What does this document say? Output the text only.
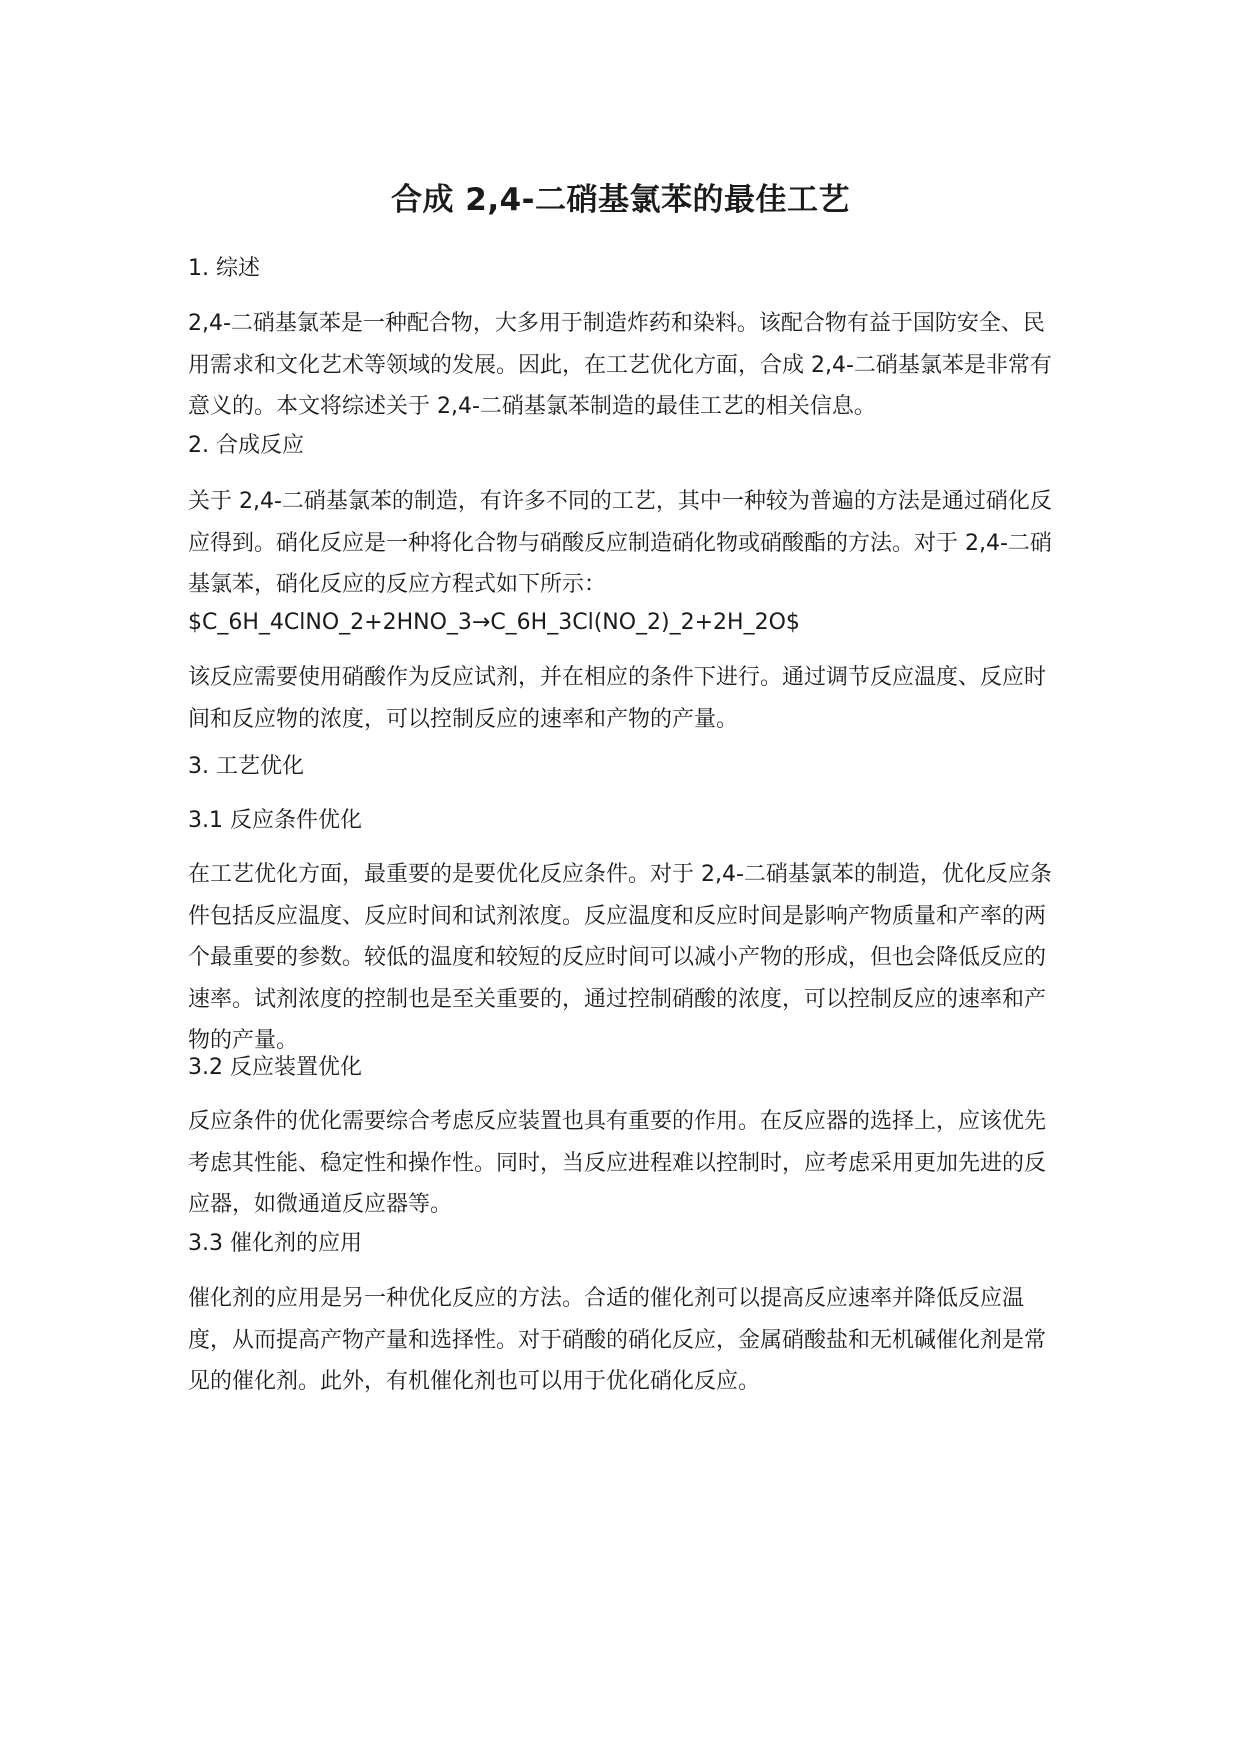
合成 2,4-二硝基氯苯的最佳工艺

1. 综述

2,4-二硝基氯苯是一种配合物，大多用于制造炸药和染料。该配合物有益于国防安全、民用需求和文化艺术等领域的发展。因此，在工艺优化方面，合成 2,4-二硝基氯苯是非常有意义的。本文将综述关于 2,4-二硝基氯苯制造的最佳工艺的相关信息。

2. 合成反应

关于 2,4-二硝基氯苯的制造，有许多不同的工艺，其中一种较为普遍的方法是通过硝化反应得到。硝化反应是一种将化合物与硝酸反应制造硝化物或硝酸酯的方法。对于 2,4-二硝基氯苯，硝化反应的反应方程式如下所示：

$C_6H_4ClNO_2+2HNO_3→C_6H_3Cl(NO_2)_2+2H_2O$

该反应需要使用硝酸作为反应试剂，并在相应的条件下进行。通过调节反应温度、反应时间和反应物的浓度，可以控制反应的速率和产物的产量。

3. 工艺优化

3.1 反应条件优化

在工艺优化方面，最重要的是要优化反应条件。对于 2,4-二硝基氯苯的制造，优化反应条件包括反应温度、反应时间和试剂浓度。反应温度和反应时间是影响产物质量和产率的两个最重要的参数。较低的温度和较短的反应时间可以减小产物的形成，但也会降低反应的速率。试剂浓度的控制也是至关重要的，通过控制硝酸的浓度，可以控制反应的速率和产物的产量。

3.2 反应装置优化

反应条件的优化需要综合考虑反应装置也具有重要的作用。在反应器的选择上，应该优先考虑其性能、稳定性和操作性。同时，当反应进程难以控制时，应考虑采用更加先进的反应器，如微通道反应器等。

3.3 催化剂的应用

催化剂的应用是另一种优化反应的方法。合适的催化剂可以提高反应速率并降低反应温度，从而提高产物产量和选择性。对于硝酸的硝化反应，金属硝酸盐和无机碱催化剂是常见的催化剂。此外，有机催化剂也可以用于优化硝化反应。
